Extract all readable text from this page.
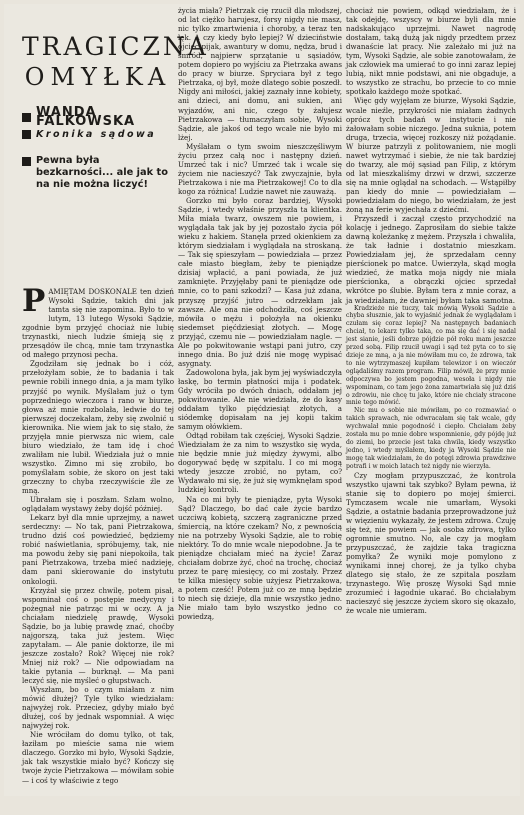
TRAGICZNA
OMYŁKA
WANDA FALKOWSKA
Kronika sądowa
Pewna była bezkarności... ale jak to na nie można liczyć!

PAMIĘTAM DOSKONALE ten dzień Wysoki Sądzie, takich dni jak tamta się nie zapomina. Było to w lutym, 13 lutego Wysoki Sądzie, zgodnie bym przyjęć chociaż nie lubię trzynastki, niech ludzie śmieją się z przesądów ile chcą, mnie tam trzynastka od małego przynosi pecha.

Zgodziłam się jednak bo i cóż, przełożyłam sobie, że to badania i tak pewnie robili innego dnia, a ja mam tylko przyjść po wynik. Myślałam już o tym poprzedniego wieczora i rano w biurze, głowa aż mnie rozbolała, ledwie do tej pierwszej doczekałam, żeby się zwolnić u kierownika. Nie wiem jak to się stało, że przyjęła mnie pierwsza nic wiem, cale biuro wiedziało, że tam idę i choć zwaliłam nie lubił. Wiedziała już o mnie wszystko. Zimno mi się zrobiło, bo pomyślałam sobie, że skoro on jest taki grzeczny to chyba rzeczywiście źle ze mną.

Ubrałam się i poszłam. Szłam wolno, oglądałam wystawy żeby dojść później.

Lekarz był dla mnie uprzejmy, a nawet serdeczny: — No tak, pani Pietrzakowa, trudno dziś coś powiedzieć, będziemy robić naświetlania, spróbujemy, tak, nie ma powodu żeby się pani niepokoiła, tak pani Pietrzakowa, trzeba mieć nadzieję, dam pani skierowanie do instytutu onkologii.

Krzyżał się przez chwilę, potem pisał, wspominał coś o postępie medycyny i pożegnał nie patrząc mi w oczy. A ja chciałam niedzielę prawdę, Wysoki Sądzie, bo ja lubię prawdę znać, choćby najgorszą, taka już jestem. Więc zapytałam. — Ale panie doktorze, ile mi jeszcze zostało? Rok? Więcej nie rok? Mniej niż rok? — Nie odpowiadam na takie pytania — burknął. — Ma pani leczyć się, nie myśleć o głupstwach.

Wyszłam, bo o czym miałam z nim mówić dłużej? Tyle tylko wiedziałam: najwyżej rok. Przeciez, gdyby miało być dłużej, coś by jednak wspomniał. A więc najwyżej rok.

Nie wróciłam do domu tylko, ot tak, łaziłam po mieście sama nie wiem dlaczego. Gorzko mi było, Wysoki Sądzie, jak tak wszystkie miało być? Kończy się twoje życie Pietrzakowa — mówiłam sobie — i coś ty właściwie z tego

życia miała? Pietrzak cię rzucił dla młodszej, od lat ciężko harujesz, forsy nigdy nie masz, nic tylko zmartwienia i choroby, a teraz ten lęk. A czy kiedy było lepiej? W dzieciństwie ojciec pijak, awantury w domu, nędza, brud i smród, najpierw sprzątanie u sąsiadów, potem dopiero po wyjściu za Pietrzaka awans do pracy w biurze. Spryciara był z tego Pietrzaka, oj był, może dlatego sobie poszedł. Nigdy ani miłości, jakiej zaznały inne kobiety, ani dzieci, ani domu, ani sukien, ani wyjazdów, ani nic, czego ty żałujesz Pietrzakowa — tłumaczyłam sobie, Wysoki Sądzie, ale jakoś od tego wcale nie było mi lżej.

Myślałam o tym swoim nieszczęśliwym życiu przez całą noc i następny dzień. Umrzeć tak i nic? Umrzeć tak i wcale się życiem nie nacieszyć? Tak zwyczajnie, była Pietrzakowa i nie ma Pietrzakowej! Co to dla kogo za różnica! Ludzie nawet nie zauważą.

Gorzko mi było coraz bardziej, Wysoki Sądzie, i wtedy właśnie przyszła ta klientka. Miła miała twarz, owszem nie powiem, i wyglądała tak jak by jej pozostało życia pół wieku z hakiem. Stanęła przed okienkiem za którym siedziałam i wyglądała na stroskaną. — Tak się spieszyłam — powiedziała — przez całe miasto biegłam, żeby te pieniądze dzisiaj wpłacić, a pani powiada, że już zamknięte. Przyjęłaby pani te pieniądze ode mnie, co to pani szkodzi? — Kasa już zdana, przyszę przyjść jutro — odrzekłam jak zawsze. Ale ona nie odchodziła, coś jeszcze mówiła o mężu i położyła na okienku siedemset pięćdziesiąt złotych. — Mogę przyjąć, czemu nie — powiedziałam nagle. — Ale po pokwitowanie wstąpi pani jutro, czy innego dnia. Bo już dziś nie mogę wypisać asygnaty.

Zadowolona była, jak bym jej wyświadczyła łaskę, bo termin płatności mija i podatek. Gdy wróciła po dwóch dniach, oddałam jej pokwitowanie. Ale nie wiedziała, że do kasy oddałam tylko pięćdziesiąt złotych, a siódemkę dopisałam na jej kopii takim samym ołówkiem.

Odtąd robiłam tak częściej, Wysoki Sądzie. Wiedziałam że za nim to wszystko się wyda, nie będzie mnie już między żywymi, albo dogorywać będę w szpitalu. I co mi mogą wtedy jeszcze zrobić, no pytam, co? Wydawało mi się, że już się wymknęłam spod ludzkiej kontroli.

Na co mi były te pieniądze, pyta Wysoki Sąd? Dlaczego, bo dać całe życie bardzo uczciwą kobietą, szczerą zagraniczne przed śmiercią, na które czekam? No, z pewnością nie na potrzeby Wysoki Sądzie, ale to robię niektóry. To do mnie wcale niepodobne. Ja te pieniądze chciałam mieć na życie! Zaraz chciałam dobrze żyć, choć na trochę, chociaż przez te parę miesięcy, co mi zostały. Przez te kilka miesięcy sobie użyjesz Pietrzakowa, a potem cześć! Potem już co ze mną będzie to niech się dzieje, dla mnie wszystko jedno. Nie miało tam było wszystko jedno co powiedzą,

chociaż nie powiem, odkąd wiedziałam, że i tak odejdę, wszyscy w biurze byli dla mnie nadskakująco uprzejmi. Nawet nagrodę dostałam, taką dużą jak nigdy przedtem przez dwanaście lat pracy. Nie zależało mi już na tym, Wysoki Sądzie, ale sobie zanotowałam, że jak człowiek ma umierać to go inni zaraz lepiej lubią, nikt mnie podstawi, ani nie obgaduje, a to wszystko ze strachu, bo przecie to co mnie spotkało każdego może spotkać.

Więc gdy wyjęłam ze biurze, Wysoki Sądzie, wcale nieźle, przykrości nie miałam żadnych oprócz tych badań w instytucie i nie żałowałam sobie niczego. Jedna suknia, potem druga, trzecia, więcej rozkoszy niż pożądanie. W biurze patrzyli z politowaniem, nie mogli nawet wytrzymać i siebie, że nie tak bardziej do twarzy, ale mój sąsiad pan Filip, z którym od lat mieszkaliśmy drzwi w drzwi, szczerze się na mnie oglądał na schodach. — Wstąpiłby pan kiedy do mnie — powiedziałam — powiedziałam do niego, bo wiedziałam, że jest żoną na ferie wyjechała z dziećmi.

Przyszedł i zaczął często przychodzić na kolację i jednego. Zaprosiłam do siebie także dawną koleżankę z mężem. Przyszła i chwaliła, że tak ładnie i dostatnio mieszkam. Powiedziałam jej, że sprzedałam cenny pierścionek po matce. Uwierzyła, skąd mogła wiedzieć, że matka moja nigdy nie miała pierścionka, a obrączki ojciec sprzedał wkrótce po ślubie. Byłam tera z mnie coraz, a ja wiedziałam, że dawniej byłam taka samotna.

Kradzieże nie tuczy, tak mówią Wysoki Sądzie a chyba słusznie, jak to wyjaśnić jednak że wyglądałam i czułam się coraz lepiej? Na następnych badaniach chciał, to lekarz tylko taka, co ma się dać i się nadal jest sianie, jeśli dobrze pójdzie pół roku mam jeszcze przed sobą. Filip rzucił uwagi i sąd też pyta co to się dzieje ze mną, a ja nie mówiłam mu co, że zdrowa, tak to nie wytrzymaszej kupiłam telewizor i on wieczór oglądaliśmy razem program. Filip mówił, że przy mnie odpoczywa bo jestem pogodna, wesoła i nigdy nie wspominam, co tam jego żona zamartwiała się już dziś o zdrowiu, nie chcę tu jako, które nie chciały stracone mnie tego mówić.

Nic mu o sobie nie mówiłam, po co rozmawiać o takich sprawach, nie odwracałam się tak wcale, gdy wychwalał mnie pogodność i ciepło. Chciałam żeby została mu po mnie dobre wspomnienie, gdy pójdę już do ziemi, bo przecie jest taka chwila, kiedy wszystko jedno, i wtedy myślałem, kiedy ja Wysoki Sądzie nie mogę tak wiedziałam, że do potęgi zdrowia prawdziwe potrafi i w moich latach też nigdy nie wierzyła.

Czy mogłam przypuszczać, że kontrola wszystko ujawni tak szybko? Byłam pewna, iż stanie się to dopiero po mojej śmierci. Tymczasem wcale nie umarłam, Wysoki Sądzie, a ostatnie badania przeprowadzone już w więzieniu wykazały, że jestem zdrowa. Czuję się też, nie powiem — jak osoba zdrowa, tylko ogromnie smutno. No, ale czy ja mogłam przypuszczać, że zajdzie taka tragiczna pomyłka? Że wyniki moje pomylono z wynikami innej chorej, że ja tylko chyba dlatego się stało, że ze szpitala poszłam trzynastego. Wię proszę Wysoki Sąd mnie zrozumieć i łagodnie ukarać. Bo chciałabym nacieszyć się jeszcze życiem skoro się okazało, że wcale nie umieram.
